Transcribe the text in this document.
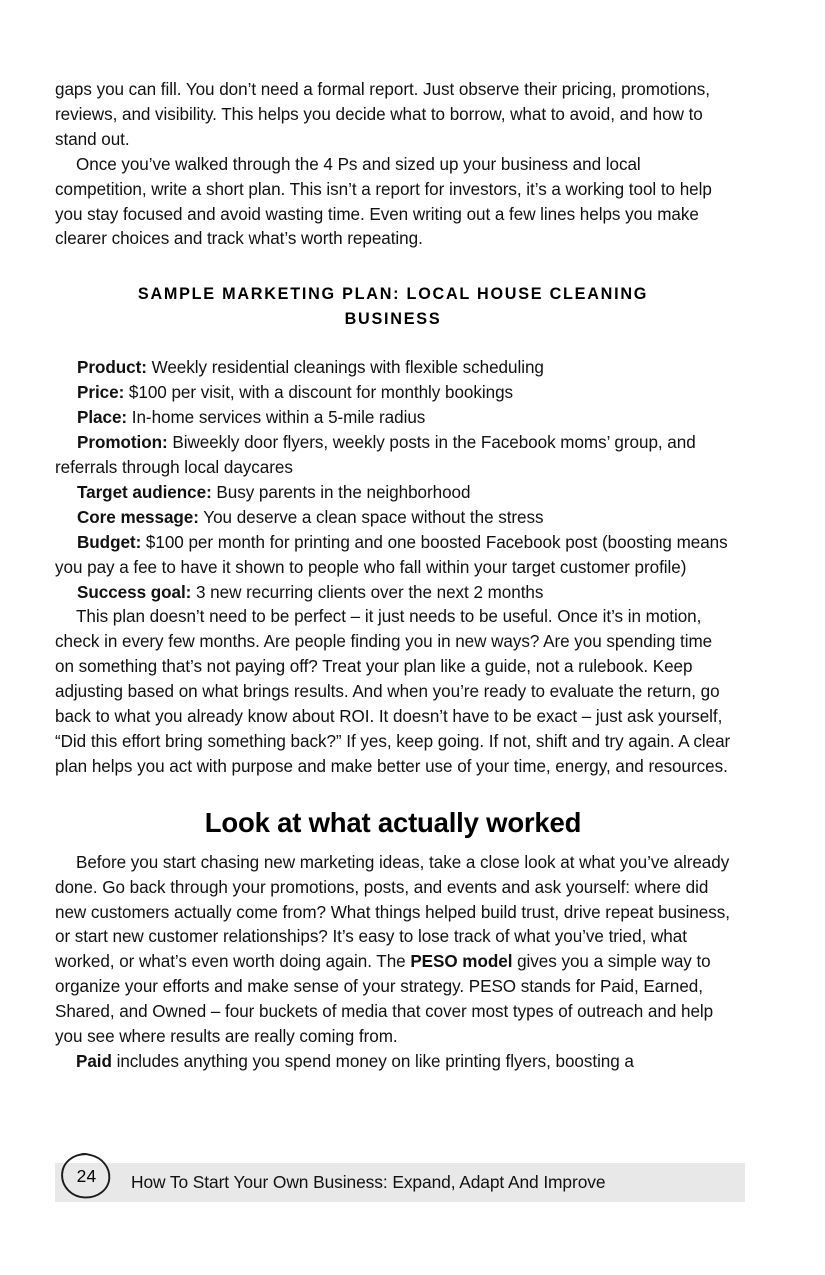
gaps you can fill. You don’t need a formal report. Just observe their pricing, promotions, reviews, and visibility. This helps you decide what to borrow, what to avoid, and how to stand out.

Once you’ve walked through the 4 Ps and sized up your business and local competition, write a short plan. This isn’t a report for investors, it’s a working tool to help you stay focused and avoid wasting time. Even writing out a few lines helps you make clearer choices and track what’s worth repeating.

SAMPLE MARKETING PLAN: LOCAL HOUSE CLEANING
BUSINESS

Product: Weekly residential cleanings with flexible scheduling

Price: $100 per visit, with a discount for monthly bookings

Place: In-home services within a 5-mile radius

Promotion: Biweekly door flyers, weekly posts in the Facebook moms’ group, and referrals through local daycares

Target audience: Busy parents in the neighborhood

Core message: You deserve a clean space without the stress

Budget: $100 per month for printing and one boosted Facebook post (boosting means you pay a fee to have it shown to people who fall within your target customer profile)

Success goal: 3 new recurring clients over the next 2 months

This plan doesn’t need to be perfect – it just needs to be useful. Once it’s in motion, check in every few months. Are people finding you in new ways? Are you spending time on something that’s not paying off? Treat your plan like a guide, not a rulebook. Keep adjusting based on what brings results. And when you’re ready to evaluate the return, go back to what you already know about ROI. It doesn’t have to be exact – just ask yourself, “Did this effort bring something back?” If yes, keep going. If not, shift and try again. A clear plan helps you act with purpose and make better use of your time, energy, and resources.

Look at what actually worked

Before you start chasing new marketing ideas, take a close look at what you’ve already done. Go back through your promotions, posts, and events and ask yourself: where did new customers actually come from? What things helped build trust, drive repeat business, or start new customer relationships? It’s easy to lose track of what you’ve tried, what worked, or what’s even worth doing again. The PESO model gives you a simple way to organize your efforts and make sense of your strategy. PESO stands for Paid, Earned, Shared, and Owned – four buckets of media that cover most types of outreach and help you see where results are really coming from.

Paid includes anything you spend money on like printing flyers, boosting a

How To Start Your Own Business: Expand, Adapt And Improve
24
